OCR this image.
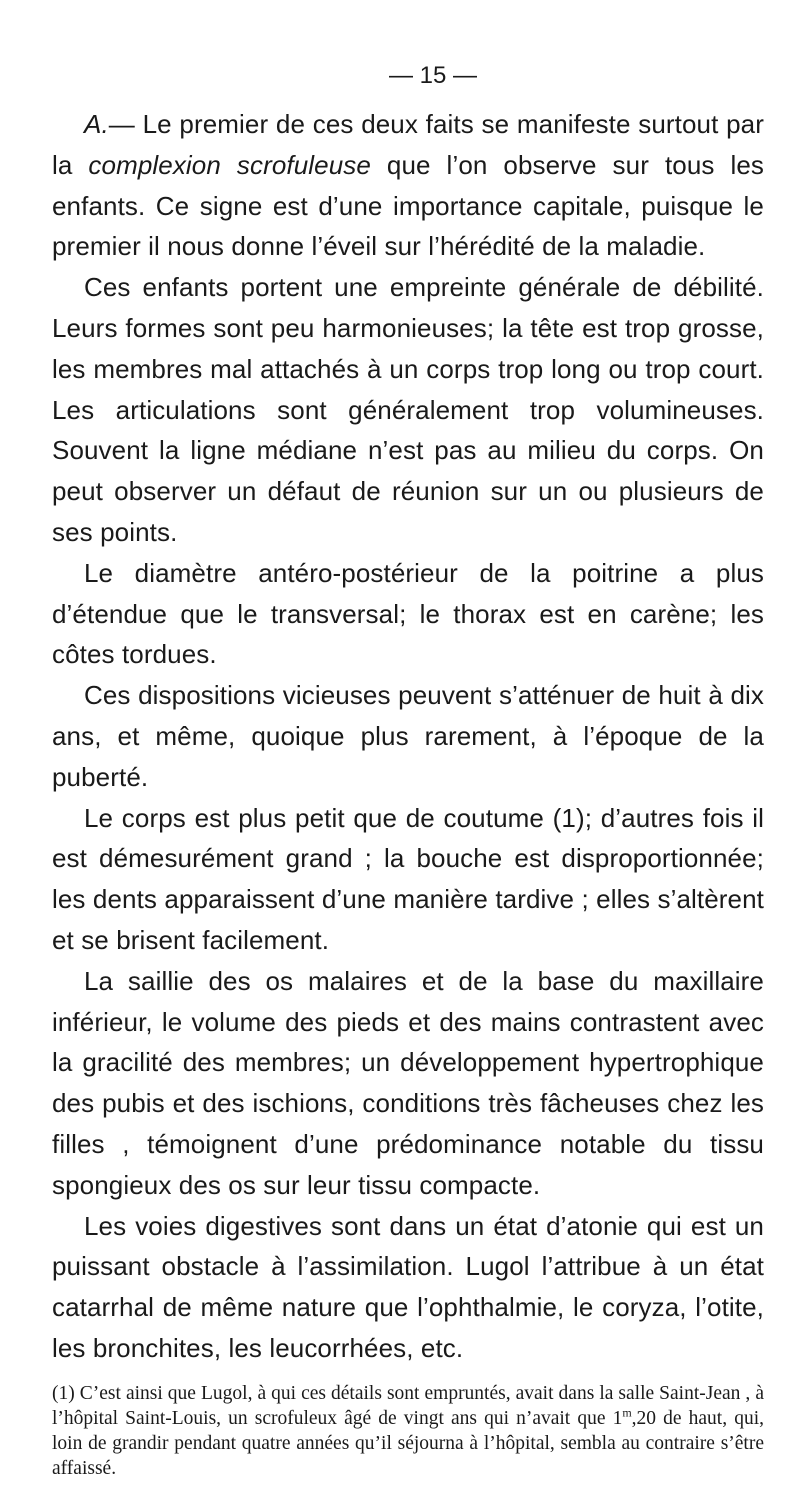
— 15 —

A.— Le premier de ces deux faits se manifeste surtout par la complexion scrofuleuse que l’on observe sur tous les enfants. Ce signe est d’une importance capitale, puisque le premier il nous donne l’éveil sur l’hérédité de la maladie.

Ces enfants portent une empreinte générale de débilité. Leurs formes sont peu harmonieuses; la tête est trop grosse, les membres mal attachés à un corps trop long ou trop court. Les articulations sont généralement trop volumineuses. Souvent la ligne médiane n’est pas au milieu du corps. On peut observer un défaut de réunion sur un ou plusieurs de ses points.

Le diamètre antéro-postérieur de la poitrine a plus d’étendue que le transversal; le thorax est en carène; les côtes tordues.

Ces dispositions vicieuses peuvent s’atténuer de huit à dix ans, et même, quoique plus rarement, à l’époque de la puberté.

Le corps est plus petit que de coutume (1); d’autres fois il est démesurément grand ; la bouche est disproportionnée; les dents apparaissent d’une manière tardive ; elles s’altèrent et se brisent facilement.

La saillie des os malaires et de la base du maxillaire inférieur, le volume des pieds et des mains contrastent avec la gracilité des membres; un développement hypertrophique des pubis et des ischions, conditions très fâcheuses chez les filles , témoignent d’une prédominance notable du tissu spongieux des os sur leur tissu compacte.

Les voies digestives sont dans un état d’atonie qui est un puissant obstacle à l’assimilation. Lugol l’attribue à un état catarrhal de même nature que l’ophthalmie, le coryza, l’otite, les bronchites, les leucorrhées, etc.

(1) C’est ainsi que Lugol, à qui ces détails sont empruntés, avait dans la salle Saint-Jean , à l’hôpital Saint-Louis, un scrofuleux âgé de vingt ans qui n’avait que 1$^m$,20 de haut, qui, loin de grandir pendant quatre années qu’il séjourna à l’hôpital, sembla au contraire s’être affaissé.
